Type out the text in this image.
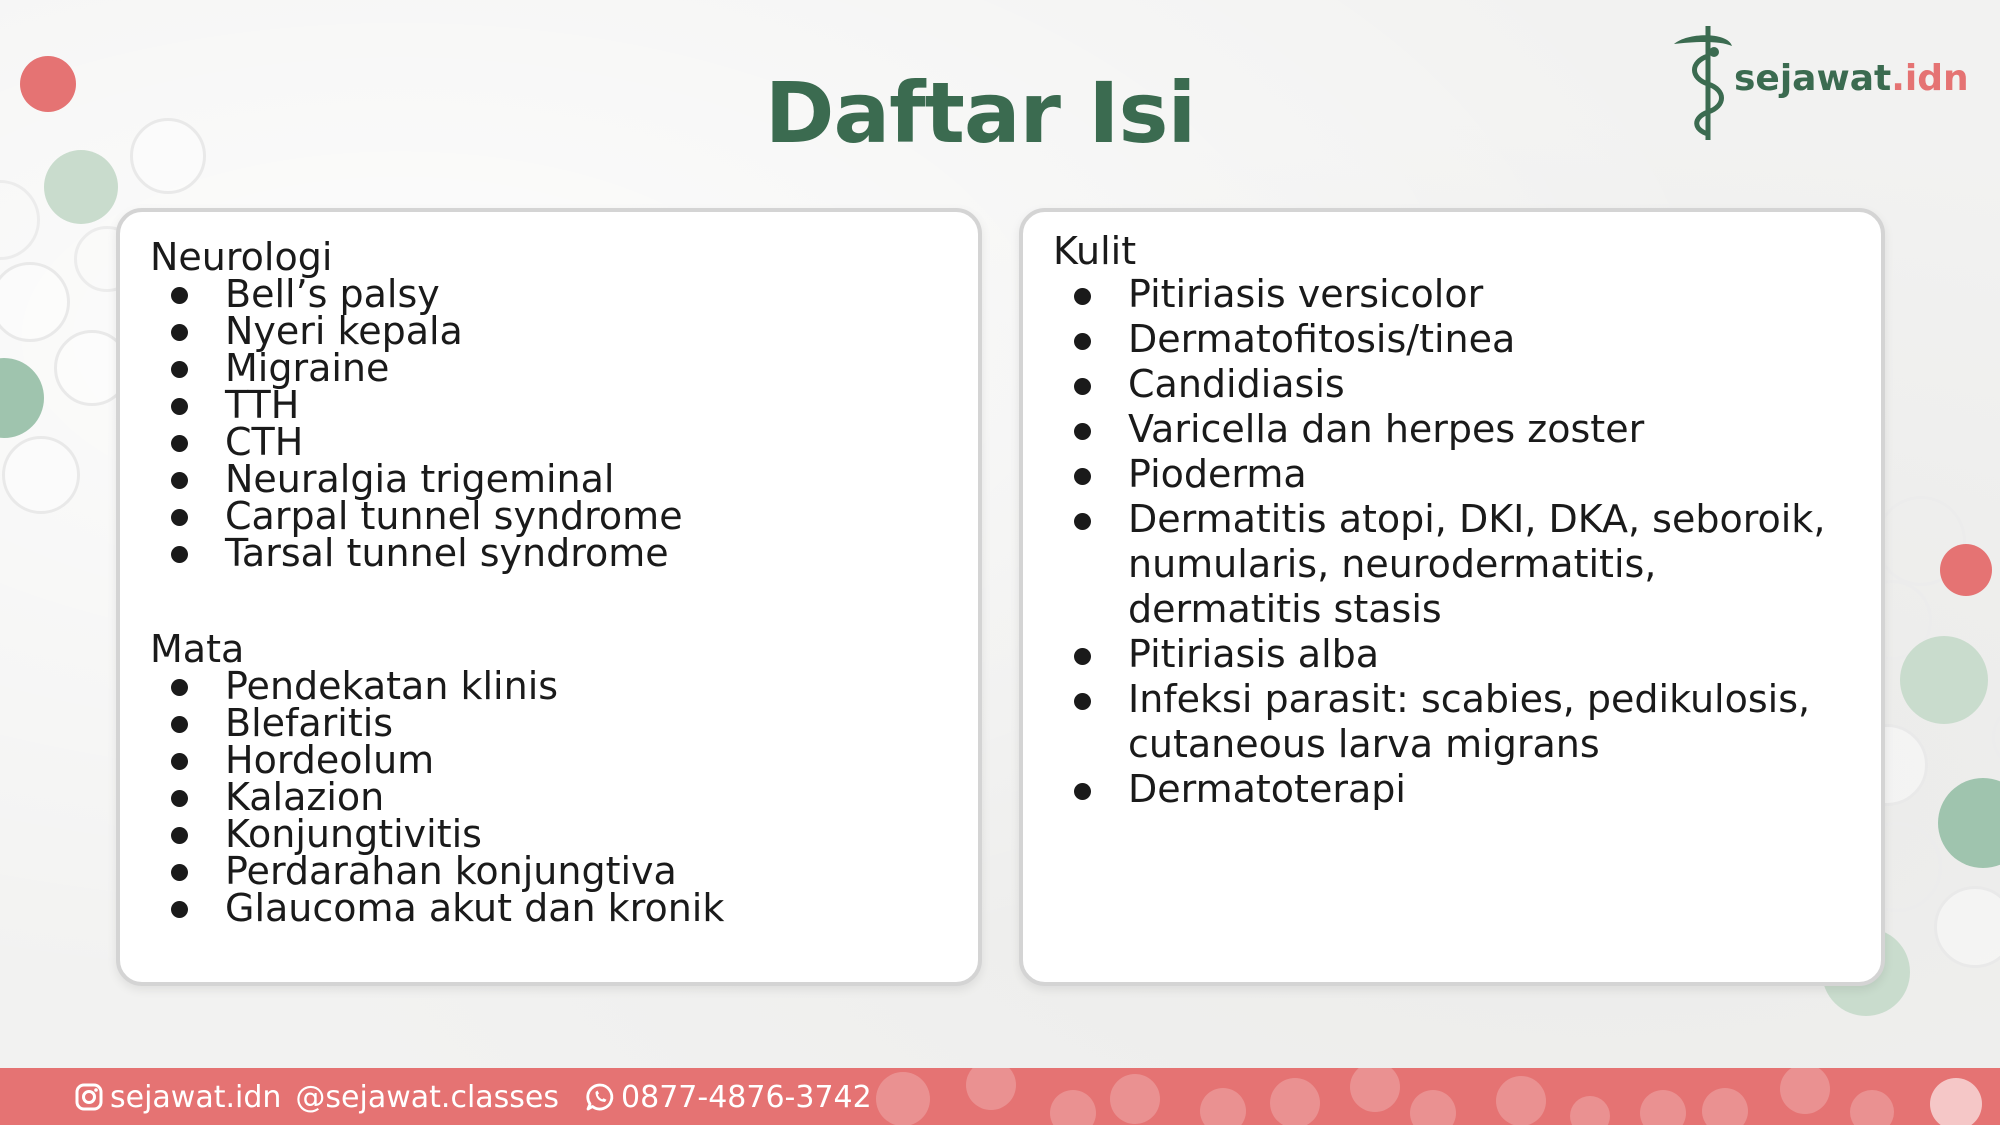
Daftar Isi	sejawat.idn
Neurologi
Bell’s palsy
Nyeri kepala
Migraine
TTH
CTH
Neuralgia trigeminal
Carpal tunnel syndrome
Tarsal tunnel syndrome
Mata
Pendekatan klinis
Blefaritis
Hordeolum
Kalazion
Konjungtivitis
Perdarahan konjungtiva
Glaucoma akut dan kronik
Kulit
Pitiriasis versicolor
Dermatofitosis/tinea
Candidiasis
Varicella dan herpes zoster
Pioderma
Dermatitis atopi, DKI, DKA, seboroik, numularis, neurodermatitis, dermatitis stasis
Pitiriasis alba
Infeksi parasit: scabies, pedikulosis, cutaneous larva migrans
Dermatoterapi
sejawat.idn @sejawat.classes 0877-4876-3742
